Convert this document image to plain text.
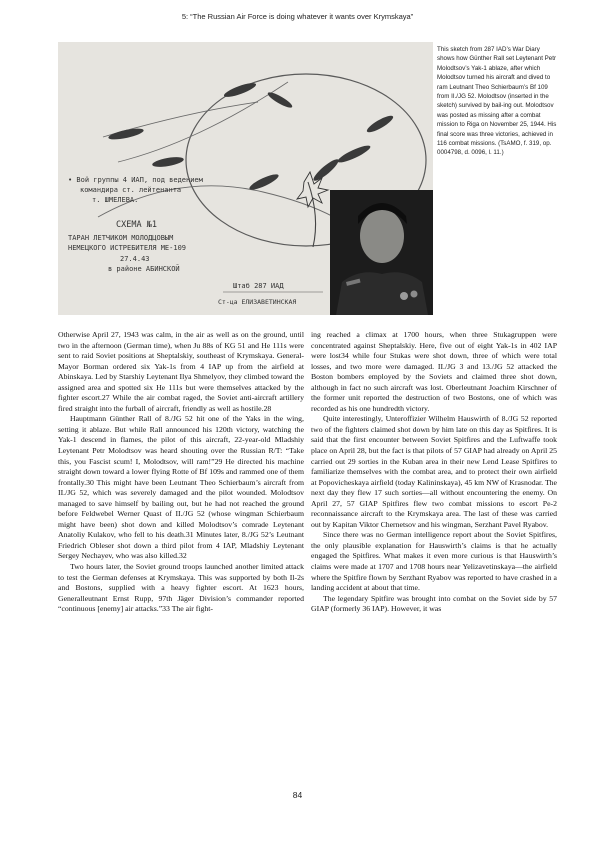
5: “The Russian Air Force is doing whatever it wants over Krymskaya”
• Вой группы 4 ИАП, под ведением
командира ст. лейтенанта
т. ШМЕЛЕВА.
СХЕМА №1
ТАРАН ЛЕТЧИКОМ МОЛОДЦОВЫМ
НЕМЕЦКОГО ИСТРЕБИТЕЛЯ МЕ-109
27.4.43
в районе АБИНСКОЙ
Штаб 287 ИАД
Ст-ца ЕЛИЗАВЕТИНСКАЯ
This sketch from 287 IAD’s War Diary shows how Günther Rall set Leytenant Petr Molodtsov’s Yak-1 ablaze, after which Molodtsov turned his aircraft and dived to ram Leutnant Theo Schierbaum’s Bf 109 from II./JG 52. Molodtsov (inserted in the sketch) survived by bail-ing out. Molodtsov was posted as missing after a combat mission to Riga on November 25, 1944. His final score was three victories, achieved in 116 combat missions. (TsAMO, f. 319, op. 0004798, d. 0096, l. 11.)

Otherwise April 27, 1943 was calm, in the air as well as on the ground, until two in the afternoon (German time), when Ju 88s of KG 51 and He 111s were sent to raid Soviet positions at Sheptalskiy, southeast of Krymskaya. General-Mayor Borman ordered six Yak-1s from 4 IAP up from the airfield at Abinskaya. Led by Starshiy Leytenant Ilya Shmelyov, they climbed toward the assigned area and spotted six He 111s but were themselves attacked by the fighter escort.27 While the air combat raged, the Soviet anti-aircraft artillery fired straight into the furball of aircraft, friendly as well as hostile.28

Hauptmann Günther Rall of 8./JG 52 hit one of the Yaks in the wing, setting it ablaze. But while Rall announced his 120th victory, watching the Yak-1 descend in flames, the pilot of this aircraft, 22-year-old Mladshiy Leytenant Petr Molodtsov was heard shouting over the Russian R/T: “Take this, you Fascist scum! I, Molodtsov, will ram!”29 He directed his machine straight down toward a lower flying Rotte of Bf 109s and rammed one of them frontally.30 This might have been Leutnant Theo Schierbaum’s aircraft from II./JG 52, which was severely damaged and the pilot wounded. Molodtsov managed to save himself by bailing out, but he had not reached the ground before Feldwebel Werner Quast of II./JG 52 (whose wingman Schierbaum might have been) shot down and killed Molodtsov’s comrade Leytenant Anatoliy Kulakov, who fell to his death.31 Minutes later, 8./JG 52’s Leutnant Friedrich Obleser shot down a third pilot from 4 IAP, Mladshiy Leytenant Sergey Nechayev, who was also killed.32

Two hours later, the Soviet ground troops launched another limited attack to test the German defenses at Krymskaya. This was supported by both Il-2s and Bostons, supplied with a heavy fighter escort. At 1623 hours, Generalleutnant Ernst Rupp, 97th Jäger Division’s commander reported “continuous [enemy] air attacks.”33 The air fight-

ing reached a climax at 1700 hours, when three Stukagruppen were concentrated against Sheptalskiy. Here, five out of eight Yak-1s in 402 IAP were lost34 while four Stukas were shot down, three of which were total losses, and two more were damaged. II./JG 3 and 13./JG 52 attacked the Boston bombers employed by the Soviets and claimed three shot down, although in fact no such aircraft was lost. Oberleutnant Joachim Kirschner of the former unit reported the destruction of two Bostons, one of which was recorded as his one hundredth victory.

Quite interestingly, Unteroffizier Wilhelm Hauswirth of 8./JG 52 reported two of the fighters claimed shot down by him late on this day as Spitfires. It is said that the first encounter between Soviet Spitfires and the Luftwaffe took place on April 28, but the fact is that pilots of 57 GIAP had already on April 25 carried out 29 sorties in the Kuban area in their new Lend Lease Spitfires to familiarize themselves with the combat area, and to protect their own airfield at Popovicheskaya airfield (today Kalininskaya), 45 km NW of Krasnodar. The next day they flew 17 such sorties—all without encountering the enemy. On April 27, 57 GIAP Spitfires flew two combat missions to escort Pe-2 reconnaissance aircraft to the Krymskaya area. The last of these was carried out by Kapitan Viktor Chernetsov and his wingman, Serzhant Pavel Ryabov.

Since there was no German intelligence report about the Soviet Spitfires, the only plausible explanation for Hauswirth’s claims is that he actually engaged the Spitfires. What makes it even more curious is that Hauswirth’s claims were made at 1707 and 1708 hours near Yelizavetinskaya—the airfield where the Spitfire flown by Serzhant Ryabov was reported to have crashed in a landing accident at about that time.

The legendary Spitfire was brought into combat on the Soviet side by 57 GIAP (formerly 36 IAP). However, it was

84
